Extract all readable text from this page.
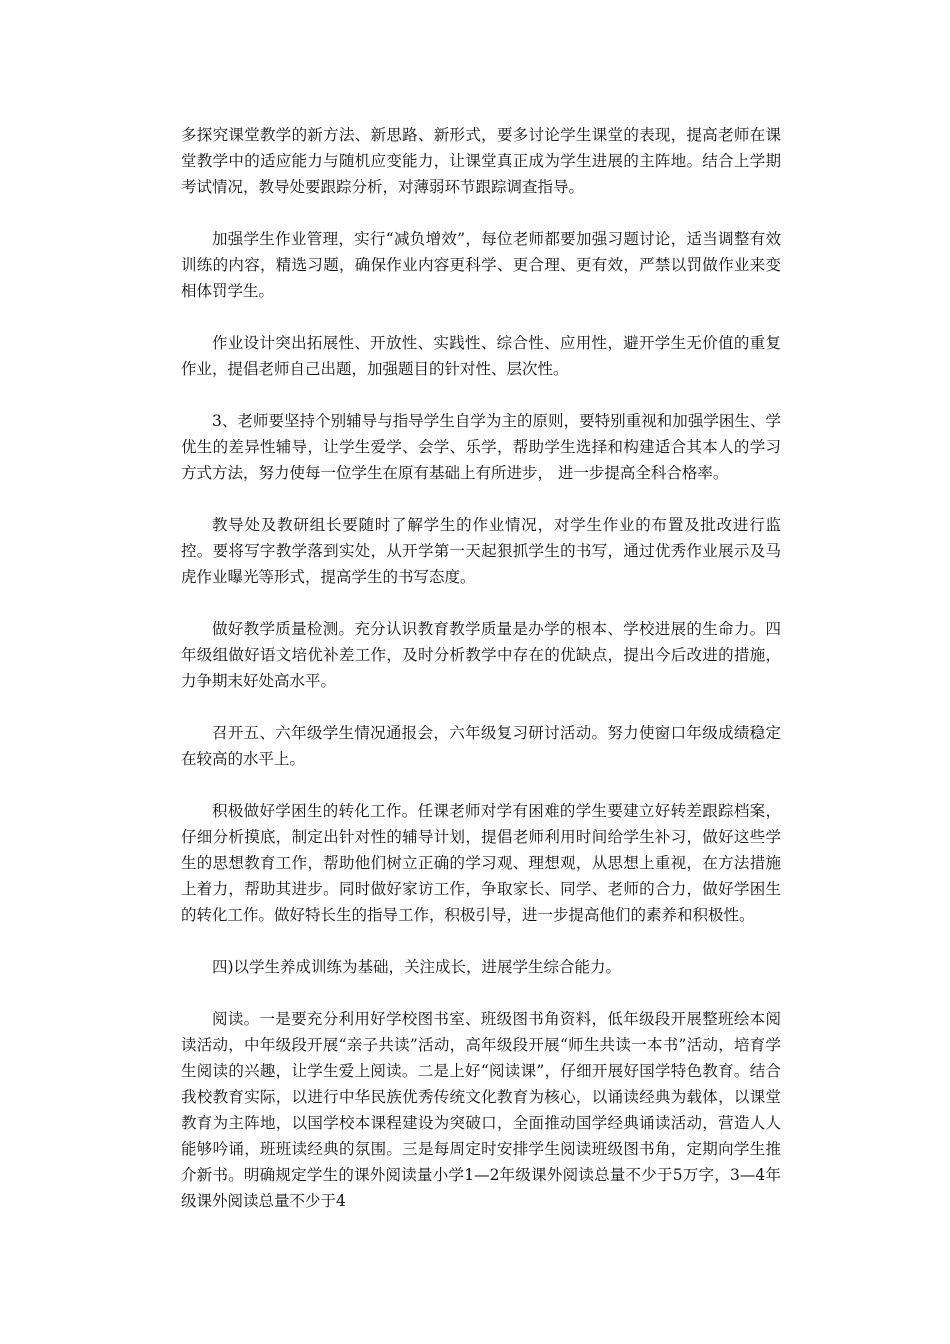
多探究课堂教学的新方法、新思路、新形式，要多讨论学生课堂的表现，提高老师在课堂教学中的适应能力与随机应变能力，让课堂真正成为学生进展的主阵地。结合上学期考试情况，教导处要跟踪分析，对薄弱环节跟踪调查指导。

加强学生作业管理，实行“减负增效”，每位老师都要加强习题讨论，适当调整有效训练的内容，精选习题，确保作业内容更科学、更合理、更有效，严禁以罚做作业来变相体罚学生。

作业设计突出拓展性、开放性、实践性、综合性、应用性，避开学生无价值的重复作业，提倡老师自己出题，加强题目的针对性、层次性。

3、老师要坚持个别辅导与指导学生自学为主的原则，要特别重视和加强学困生、学优生的差异性辅导，让学生爱学、会学、乐学，帮助学生选择和构建适合其本人的学习方式方法，努力使每一位学生在原有基础上有所进步， 进一步提高全科合格率。

教导处及教研组长要随时了解学生的作业情况，对学生作业的布置及批改进行监控。要将写字教学落到实处，从开学第一天起狠抓学生的书写，通过优秀作业展示及马虎作业曝光等形式，提高学生的书写态度。

做好教学质量检测。充分认识教育教学质量是办学的根本、学校进展的生命力。四年级组做好语文培优补差工作，及时分析教学中存在的优缺点，提出今后改进的措施，力争期末好处高水平。

召开五、六年级学生情况通报会，六年级复习研讨活动。努力使窗口年级成绩稳定在较高的水平上。

积极做好学困生的转化工作。任课老师对学有困难的学生要建立好转差跟踪档案，仔细分析摸底，制定出针对性的辅导计划，提倡老师利用时间给学生补习，做好这些学生的思想教育工作，帮助他们树立正确的学习观、理想观，从思想上重视，在方法措施上着力，帮助其进步。同时做好家访工作，争取家长、同学、老师的合力，做好学困生的转化工作。做好特长生的指导工作，积极引导，进一步提高他们的素养和积极性。

四)以学生养成训练为基础，关注成长，进展学生综合能力。

阅读。一是要充分利用好学校图书室、班级图书角资料，低年级段开展整班绘本阅读活动，中年级段开展“亲子共读”活动，高年级段开展“师生共读一本书”活动，培育学生阅读的兴趣，让学生爱上阅读。二是上好“阅读课”，仔细开展好国学特色教育。结合我校教育实际，以进行中华民族优秀传统文化教育为核心，以诵读经典为载体，以课堂教育为主阵地，以国学校本课程建设为突破口，全面推动国学经典诵读活动，营造人人能够吟诵，班班读经典的氛围。三是每周定时安排学生阅读班级图书角，定期向学生推介新书。明确规定学生的课外阅读量小学1—2年级课外阅读总量不少于5万字，3—4年级课外阅读总量不少于4
